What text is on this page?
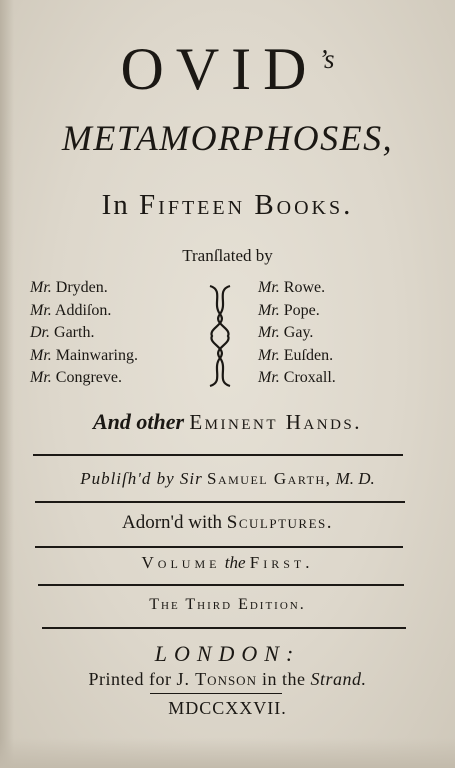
OVID’s
METAMORPHOSES,
In Fifteen Books.
Tranſlated by
Mr. Dryden.
Mr. Addiſon.
Dr. Garth.
Mr. Mainwaring.
Mr. Congreve.
Mr. Rowe.
Mr. Pope.
Mr. Gay.
Mr. Euſden.
Mr. Croxall.
And other Eminent Hands.
Publiſh'd by Sir Samuel Garth, M. D.
Adorn'd with Sculptures.
Volume the First.
The Third Edition.
LONDON:
Printed for J. Tonson in the Strand.
MDCCXXVII.
